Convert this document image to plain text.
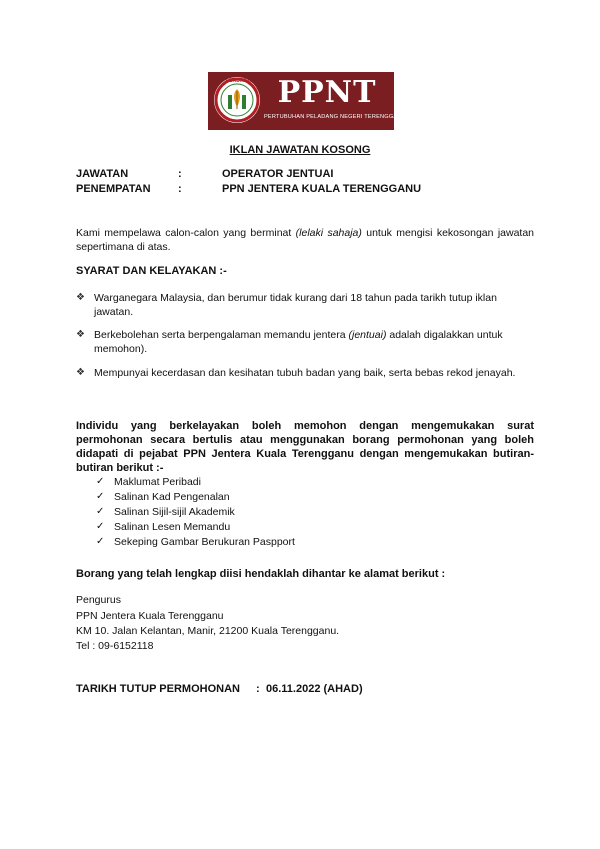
PELADANG PPNT
PERTUBUHAN PELADANG NEGERI TERENGGANU
IKLAN JAWATAN KOSONG
JAWATAN	:	OPERATOR JENTUAI
PENEMPATAN	:	PPN JENTERA KUALA TERENGGANU
Kami mempelawa calon-calon yang berminat (lelaki sahaja) untuk mengisi kekosongan jawatan sepertimana di atas.
SYARAT DAN KELAYAKAN :-
❖ Warganegara Malaysia, dan berumur tidak kurang dari 18 tahun pada tarikh tutup iklan jawatan.
❖ Berkebolehan serta berpengalaman memandu jentera (jentuai) adalah digalakkan untuk memohon).
❖ Mempunyai kecerdasan dan kesihatan tubuh badan yang baik, serta bebas rekod jenayah.
Individu yang berkelayakan boleh memohon dengan mengemukakan surat permohonan secara bertulis atau menggunakan borang permohonan yang boleh didapati di pejabat PPN Jentera Kuala Terengganu dengan mengemukakan butiran-butiran berikut :-
✓ Maklumat Peribadi
✓ Salinan Kad Pengenalan
✓ Salinan Sijil-sijil Akademik
✓ Salinan Lesen Memandu
✓ Sekeping Gambar Berukuran Paspport
Borang yang telah lengkap diisi hendaklah dihantar ke alamat berikut :
Pengurus
PPN Jentera Kuala Terengganu
KM 10. Jalan Kelantan, Manir, 21200 Kuala Terengganu.
Tel : 09-6152118
TARIKH TUTUP PERMOHONAN : 06.11.2022 (AHAD)
